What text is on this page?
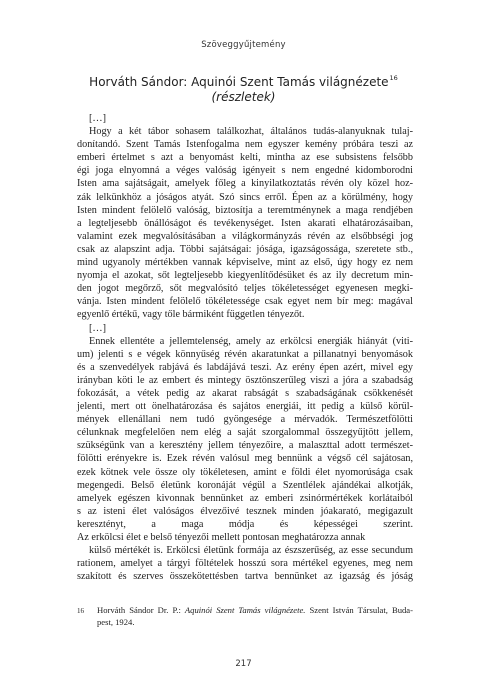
Szöveggyűjtemény
Horváth Sándor: Aquinói Szent Tamás világnézete$^{16}$
(részletek)
[…]
Hogy a két tábor sohasem találkozhat, általános tudás-alanyuknak tulaj-
donítandó. Szent Tamás Istenfogalma nem egyszer kemény próbára teszi az
emberi értelmet s azt a benyomást kelti, mintha az ese subsistens felsőbb
égi joga elnyomná a véges valóság igényeit s nem engedné kidomborodni
Isten ama sajátságait, amelyek főleg a kinyilatkoztatás révén oly közel hoz-
zák lelkünkhöz a jóságos atyát. Szó sincs erről. Épen az a körülmény, hogy
Isten mindent felölelő valóság, biztosítja a teremtménynek a maga rendjében
a legteljesebb önállóságot és tevékenységet. Isten akarati elhatározásaiban,
valamint ezek megvalósításában a világkormányzás révén az elsőbbségi jog
csak az alapszint adja. Többi sajátságai: jósága, igazságossága, szeretete stb.,
mind ugyanoly mértékben vannak képviselve, mint az első, úgy hogy ez nem
nyomja el azokat, sőt legteljesebb kiegyenlítődésüket és az ily decretum min-
den jogot megőrző, sőt megvalósító teljes tökéletességet egyenesen megki-
vánja. Isten mindent felölelő tökéletessége csak egyet nem bír meg: magával
egyenlő értékű, vagy tőle bármiként független tényezőt.
[…]
Ennek ellentéte a jellemtelenség, amely az erkölcsi energiák hiányát (viti-
um) jelenti s e végek könnyűség révén akaratunkat a pillanatnyi benyomások
és a szenvedélyek rabjává és labdájává teszi. Az erény épen azért, mivel egy
irányban köti le az embert és mintegy ösztönszerűleg viszi a jóra a szabadság
fokozását, a vétek pedig az akarat rabságát s szabadságának csökkenését
jelenti, mert ott önelhatározása és sajátos energiái, itt pedig a külső körül-
mények ellenállani nem tudó gyöngesége a mérvadók. Természetfölötti
célunknak megfelelően nem elég a saját szorgalommal összegyűjtött jellem,
szükségünk van a keresztény jellem tényezőire, a malaszttal adott természet-
fölötti erényekre is. Ezek révén valósul meg bennünk a végső cél sajátosan,
ezek kötnek vele össze oly tökéletesen, amint e földi élet nyomorúsága csak
megengedi. Belső életünk koronáját végül a Szentlélek ajándékai alkotják,
amelyek egészen kivonnak bennünket az emberi zsinórmértékek korlátaiból
s az isteni élet valóságos élvezőivé tesznek minden jóakarató, megigazult
keresztényt, a maga módja és képességei szerint.
Az erkölcsi élet e belső tényezői mellett pontosan meghatározza annak
külső mértékét is. Erkölcsi életünk formája az észszerűség, az esse secundum
rationem, amelyet a tárgyi föltételek hosszú sora mértékel egyenes, meg nem
szakított és szerves összekötettésben tartva bennünket az igazság és jóság
16	Horváth Sándor Dr. P.: Aquinói Szent Tamás világnézete. Szent István Társulat, Buda-
pest, 1924.
217
